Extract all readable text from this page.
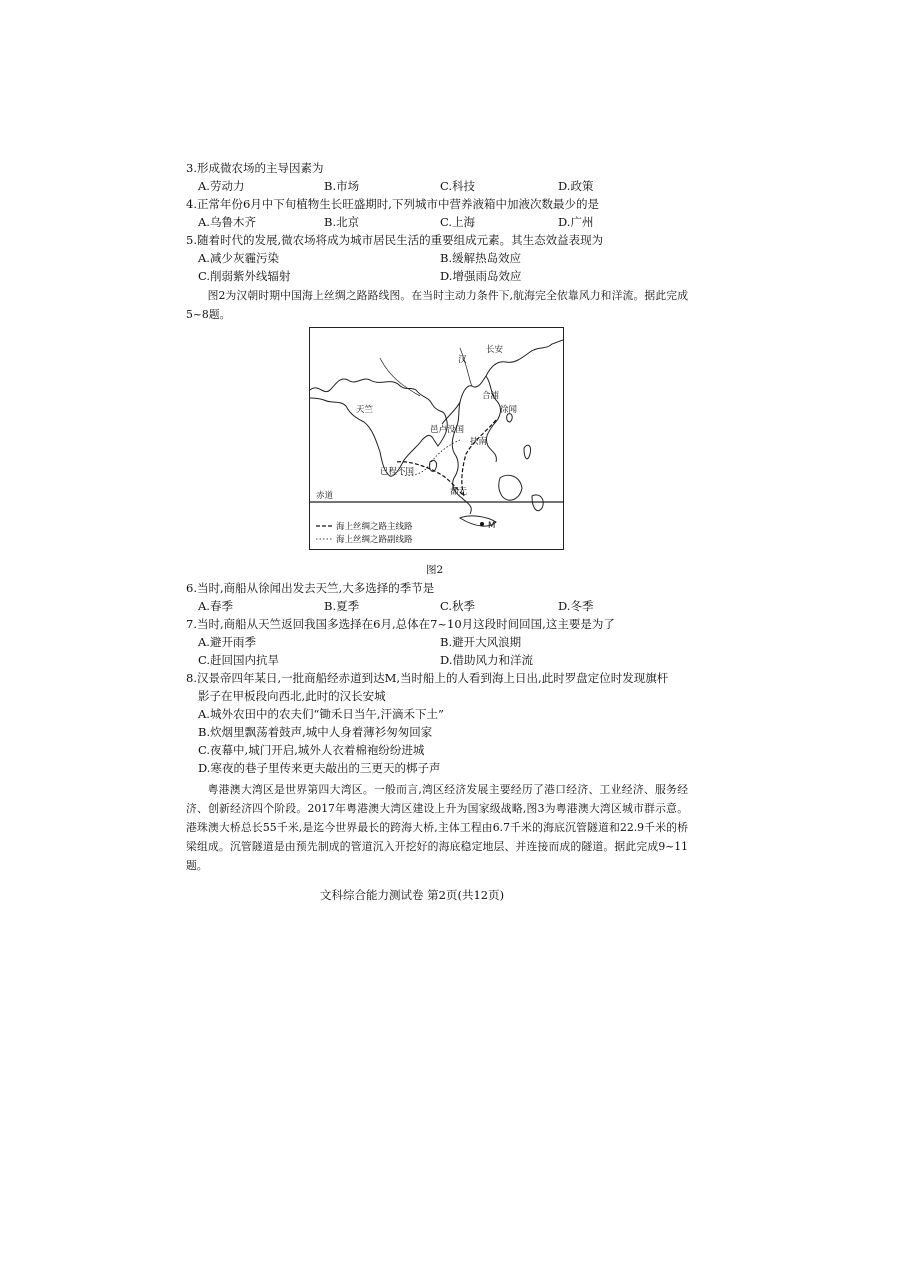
3.形成微农场的主导因素为
A.劳动力	B.市场	C.科技	D.政策
4.正常年份6月中下旬植物生长旺盛期时,下列城市中营养液箱中加液次数最少的是
A.乌鲁木齐	B.北京	C.上海	D.广州
5.随着时代的发展,微农场将成为城市居民生活的重要组成元素。其生态效益表现为
A.减少灰霾污染	B.缓解热岛效应
C.削弱紫外线辐射	D.增强雨岛效应
图2为汉朝时期中国海上丝绸之路路线图。在当时主动力条件下,航海完全依靠风力和洋流。据此完成5~8题。
长安
汉
合浦
徐闻
天竺
邑卢没国
扶南
已程不国
都元
M
赤道
海上丝绸之路主线路
海上丝绸之路副线路
图2
6.当时,商船从徐闻出发去天竺,大多选择的季节是
A.春季	B.夏季	C.秋季	D.冬季
7.当时,商船从天竺返回我国多选择在6月,总体在7~10月这段时间回国,这主要是为了
A.避开雨季	B.避开大风浪期
C.赶回国内抗旱	D.借助风力和洋流
8.汉景帝四年某日,一批商船经赤道到达M,当时船上的人看到海上日出,此时罗盘定位时发现旗杆
影子在甲板段向西北,此时的汉长安城
A.城外农田中的农夫们“锄禾日当午,汗滴禾下土”
B.炊烟里飘荡着鼓声,城中人身着薄衫匆匆回家
C.夜幕中,城门开启,城外人衣着棉袍纷纷进城
D.寒夜的巷子里传来更夫敲出的三更天的梆子声
粤港澳大湾区是世界第四大湾区。一般而言,湾区经济发展主要经历了港口经济、工业经济、服务经济、创新经济四个阶段。2017年粤港澳大湾区建设上升为国家级战略,图3为粤港澳大湾区城市群示意。港珠澳大桥总长55千米,是迄今世界最长的跨海大桥,主体工程由6.7千米的海底沉管隧道和22.9千米的桥梁组成。沉管隧道是由预先制成的管道沉入开挖好的海底稳定地层、并连接而成的隧道。据此完成9~11题。
文科综合能力测试卷 第2页(共12页)
